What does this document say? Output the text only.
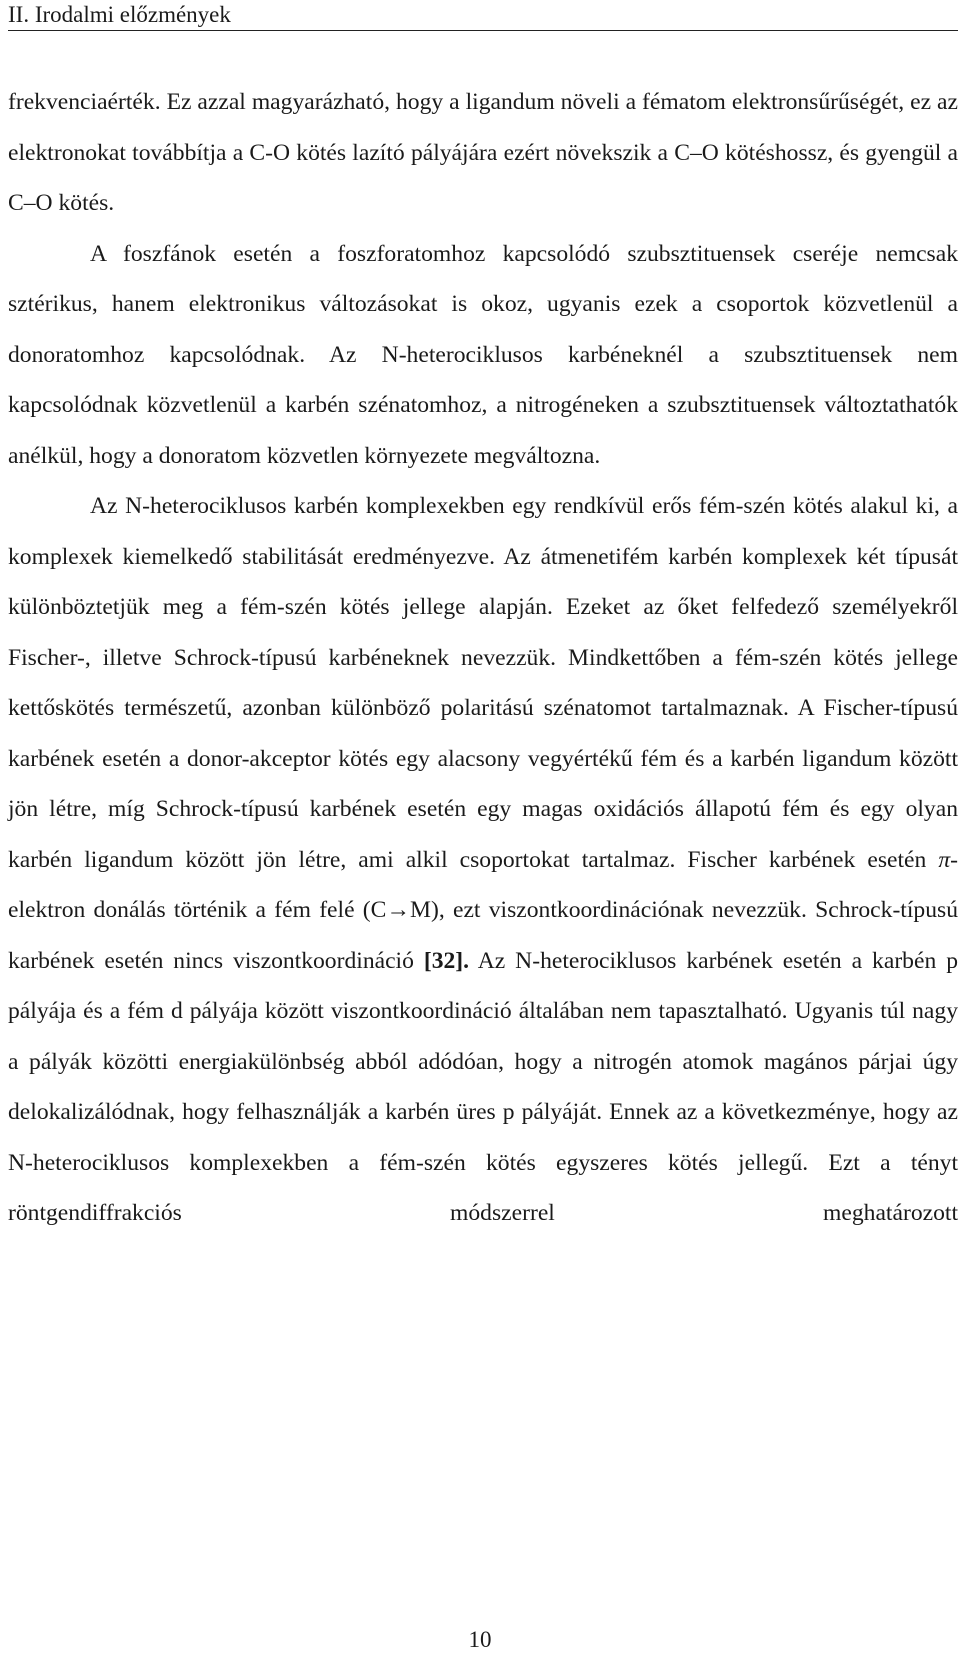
II. Irodalmi előzmények

frekvenciaérték. Ez azzal magyarázható, hogy a ligandum növeli a fématom elektronsűrűségét, ez az elektronokat továbbítja a C-O kötés lazító pályájára ezért növekszik a C–O kötéshossz, és gyengül a C–O kötés.

A foszfánok esetén a foszforatomhoz kapcsolódó szubsztituensek cseréje nemcsak sztérikus, hanem elektronikus változásokat is okoz, ugyanis ezek a csoportok közvetlenül a donoratomhoz kapcsolódnak. Az N-heterociklusos karbéneknél a szubsztituensek nem kapcsolódnak közvetlenül a karbén szénatomhoz, a nitrogéneken a szubsztituensek változtathatók anélkül, hogy a donoratom közvetlen környezete megváltozna.

Az N-heterociklusos karbén komplexekben egy rendkívül erős fém-szén kötés alakul ki, a komplexek kiemelkedő stabilitását eredményezve. Az átmenetifém karbén komplexek két típusát különböztetjük meg a fém-szén kötés jellege alapján. Ezeket az őket felfedező személyekről Fischer-, illetve Schrock-típusú karbéneknek nevezzük. Mindkettőben a fém-szén kötés jellege kettőskötés természetű, azonban különböző polaritású szénatomot tartalmaznak. A Fischer-típusú karbének esetén a donor-akceptor kötés egy alacsony vegyértékű fém és a karbén ligandum között jön létre, míg Schrock-típusú karbének esetén egy magas oxidációs állapotú fém és egy olyan karbén ligandum között jön létre, ami alkil csoportokat tartalmaz. Fischer karbének esetén π-elektron donálás történik a fém felé (C→M), ezt viszontkoordinációnak nevezzük. Schrock-típusú karbének esetén nincs viszontkoordináció [32]. Az N-heterociklusos karbének esetén a karbén p pályája és a fém d pályája között viszontkoordináció általában nem tapasztalható. Ugyanis túl nagy a pályák közötti energiakülönbség abból adódóan, hogy a nitrogén atomok magános párjai úgy delokalizálódnak, hogy felhasználják a karbén üres p pályáját. Ennek az a következménye, hogy az N-heterociklusos komplexekben a fém-szén kötés egyszeres kötés jellegű. Ezt a tényt röntgendiffrakciós módszerrel meghatározott

10
